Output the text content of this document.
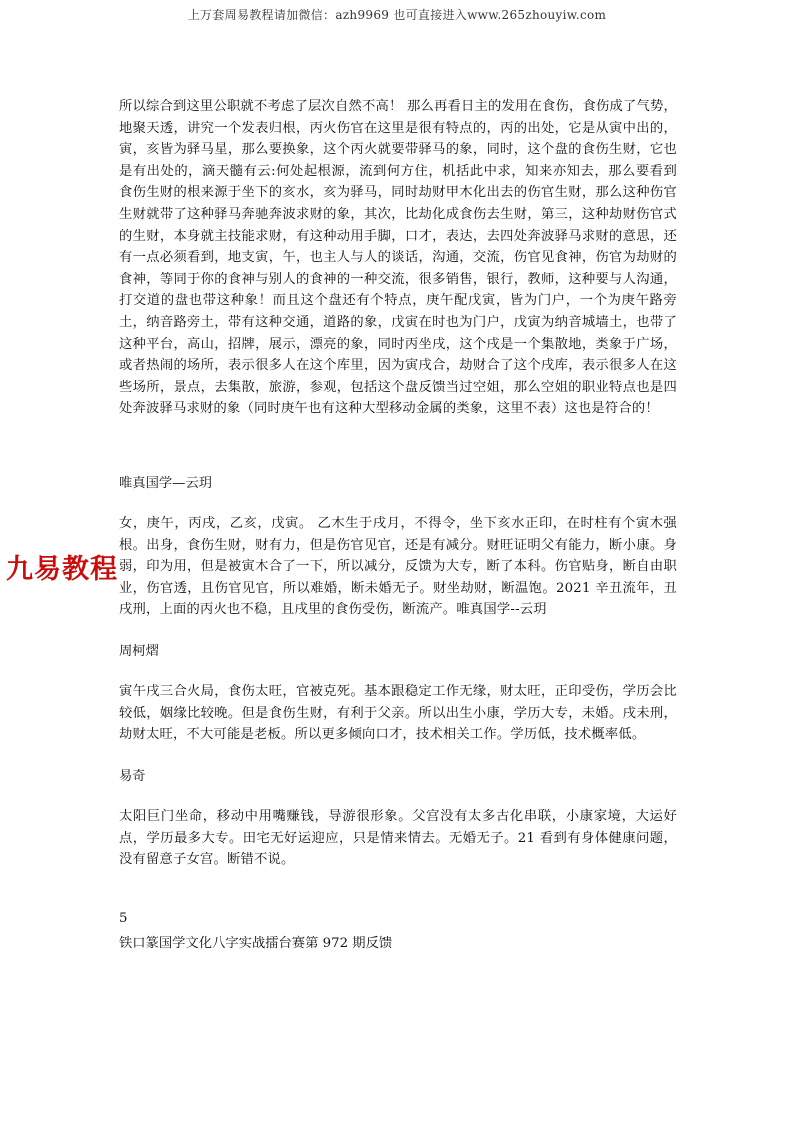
上万套周易教程请加微信：azh9969 也可直接进入www.265zhouyiw.com
所以综合到这里公职就不考虑了层次自然不高！ 那么再看日主的发用在食伤，食伤成了气势，地聚天透，讲究一个发表归根，丙火伤官在这里是很有特点的，丙的出处，它是从寅中出的，寅，亥皆为驿马星，那么要换象，这个丙火就要带驿马的象，同时，这个盘的食伤生财，它也是有出处的，滴天髓有云:何处起根源，流到何方住，机括此中求，知来亦知去，那么要看到食伤生财的根来源于坐下的亥水，亥为驿马，同时劫财甲木化出去的伤官生财，那么这种伤官生财就带了这种驿马奔驰奔波求财的象，其次，比劫化成食伤去生财，第三，这种劫财伤官式的生财，本身就主技能求财，有这种动用手脚，口才，表达，去四处奔波驿马求财的意思，还有一点必须看到，地支寅，午，也主人与人的谈话，沟通，交流，伤官见食神，伤官为劫财的食神，等同于你的食神与别人的食神的一种交流，很多销售，银行，教师，这种要与人沟通，打交道的盘也带这种象！而且这个盘还有个特点，庚午配戊寅，皆为门户，一个为庚午路旁土，纳音路旁土，带有这种交通，道路的象，戊寅在时也为门户，戊寅为纳音城墙土，也带了这种平台，高山，招牌，展示，漂亮的象，同时丙坐戌，这个戌是一个集散地，类象于广场，或者热闹的场所，表示很多人在这个库里，因为寅戌合，劫财合了这个戌库，表示很多人在这些场所，景点，去集散，旅游，参观，包括这个盘反馈当过空姐，那么空姐的职业特点也是四处奔波驿马求财的象（同时庚午也有这种大型移动金属的类象，这里不表）这也是符合的！
唯真国学—云玥
女，庚午，丙戌，乙亥，戊寅。 乙木生于戌月，不得令，坐下亥水正印，在时柱有个寅木强根。出身，食伤生财，财有力，但是伤官见官，还是有减分。财旺证明父有能力，断小康。身弱，印为用，但是被寅木合了一下，所以减分，反馈为大专，断了本科。伤官贴身，断自由职业，伤官透，且伤官见官，所以难婚，断未婚无子。财坐劫财，断温饱。2021 辛丑流年，丑戌刑，上面的丙火也不稳，且戌里的食伤受伤，断流产。唯真国学--云玥
周柯熠
寅午戌三合火局，食伤太旺，官被克死。基本跟稳定工作无缘，财太旺，正印受伤，学历会比较低，姻缘比较晚。但是食伤生财，有利于父亲。所以出生小康，学历大专，未婚。戌未刑，劫财太旺，不大可能是老板。所以更多倾向口才，技术相关工作。学历低，技术概率低。
易奇
太阳巨门坐命，移动中用嘴赚钱，导游很形象。父宫没有太多古化串联，小康家境，大运好点，学历最多大专。田宅无好运迎应，只是情来情去。无婚无子。21 看到有身体健康问题，没有留意子女宫。断错不说。
5
铁口篆国学文化八字实战擂台赛第 972 期反馈
九易教程
